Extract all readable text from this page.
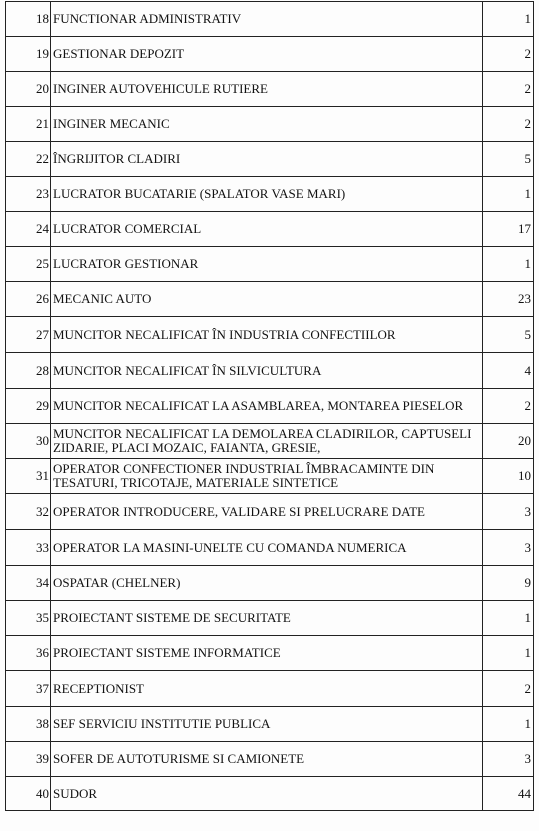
18	FUNCTIONAR ADMINISTRATIV	1
19	GESTIONAR DEPOZIT	2
20	INGINER AUTOVEHICULE RUTIERE	2
21	INGINER MECANIC	2
22	ÎNGRIJITOR CLADIRI	5
23	LUCRATOR BUCATARIE (SPALATOR VASE MARI)	1
24	LUCRATOR COMERCIAL	17
25	LUCRATOR GESTIONAR	1
26	MECANIC AUTO	23
27	MUNCITOR NECALIFICAT ÎN INDUSTRIA CONFECTIILOR	5
28	MUNCITOR NECALIFICAT ÎN SILVICULTURA	4
29	MUNCITOR NECALIFICAT LA ASAMBLAREA, MONTAREA PIESELOR	2
30	MUNCITOR NECALIFICAT LA DEMOLAREA CLADIRILOR, CAPTUSELI ZIDARIE, PLACI MOZAIC, FAIANTA, GRESIE,	20
31	OPERATOR CONFECTIONER INDUSTRIAL ÎMBRACAMINTE DIN TESATURI, TRICOTAJE, MATERIALE SINTETICE	10
32	OPERATOR INTRODUCERE, VALIDARE SI PRELUCRARE DATE	3
33	OPERATOR LA MASINI-UNELTE CU COMANDA NUMERICA	3
34	OSPATAR (CHELNER)	9
35	PROIECTANT SISTEME DE SECURITATE	1
36	PROIECTANT SISTEME INFORMATICE	1
37	RECEPTIONIST	2
38	SEF SERVICIU INSTITUTIE PUBLICA	1
39	SOFER DE AUTOTURISME SI CAMIONETE	3
40	SUDOR	44
